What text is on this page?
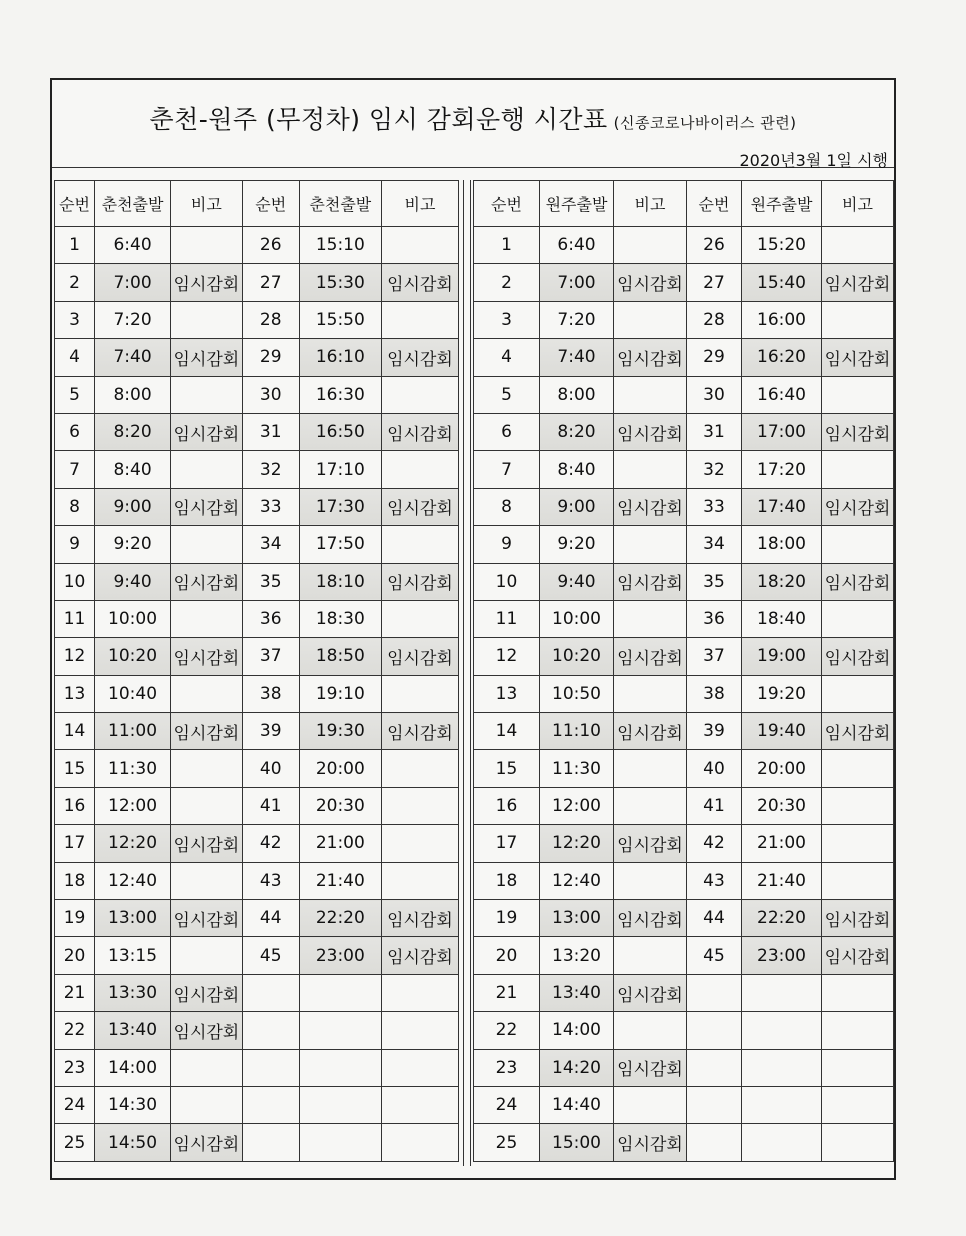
춘천-원주 (무정차) 임시 감회운행 시간표 (신종코로나바이러스 관련)
2020년3월 1일 시행
순번	춘천출발	비고	순번	춘천출발	비고
1	6:40		26	15:10	
2	7:00	임시감회	27	15:30	임시감회
3	7:20		28	15:50	
4	7:40	임시감회	29	16:10	임시감회
5	8:00		30	16:30	
6	8:20	임시감회	31	16:50	임시감회
7	8:40		32	17:10	
8	9:00	임시감회	33	17:30	임시감회
9	9:20		34	17:50	
10	9:40	임시감회	35	18:10	임시감회
11	10:00		36	18:30	
12	10:20	임시감회	37	18:50	임시감회
13	10:40		38	19:10	
14	11:00	임시감회	39	19:30	임시감회
15	11:30		40	20:00	
16	12:00		41	20:30	
17	12:20	임시감회	42	21:00	
18	12:40		43	21:40	
19	13:00	임시감회	44	22:20	임시감회
20	13:15		45	23:00	임시감회
21	13:30	임시감회			
22	13:40	임시감회			
23	14:00				
24	14:30				
25	14:50	임시감회			
순번	원주출발	비고	순번	원주출발	비고
1	6:40		26	15:20	
2	7:00	임시감회	27	15:40	임시감회
3	7:20		28	16:00	
4	7:40	임시감회	29	16:20	임시감회
5	8:00		30	16:40	
6	8:20	임시감회	31	17:00	임시감회
7	8:40		32	17:20	
8	9:00	임시감회	33	17:40	임시감회
9	9:20		34	18:00	
10	9:40	임시감회	35	18:20	임시감회
11	10:00		36	18:40	
12	10:20	임시감회	37	19:00	임시감회
13	10:50		38	19:20	
14	11:10	임시감회	39	19:40	임시감회
15	11:30		40	20:00	
16	12:00		41	20:30	
17	12:20	임시감회	42	21:00	
18	12:40		43	21:40	
19	13:00	임시감회	44	22:20	임시감회
20	13:20		45	23:00	임시감회
21	13:40	임시감회			
22	14:00				
23	14:20	임시감회			
24	14:40				
25	15:00	임시감회			
